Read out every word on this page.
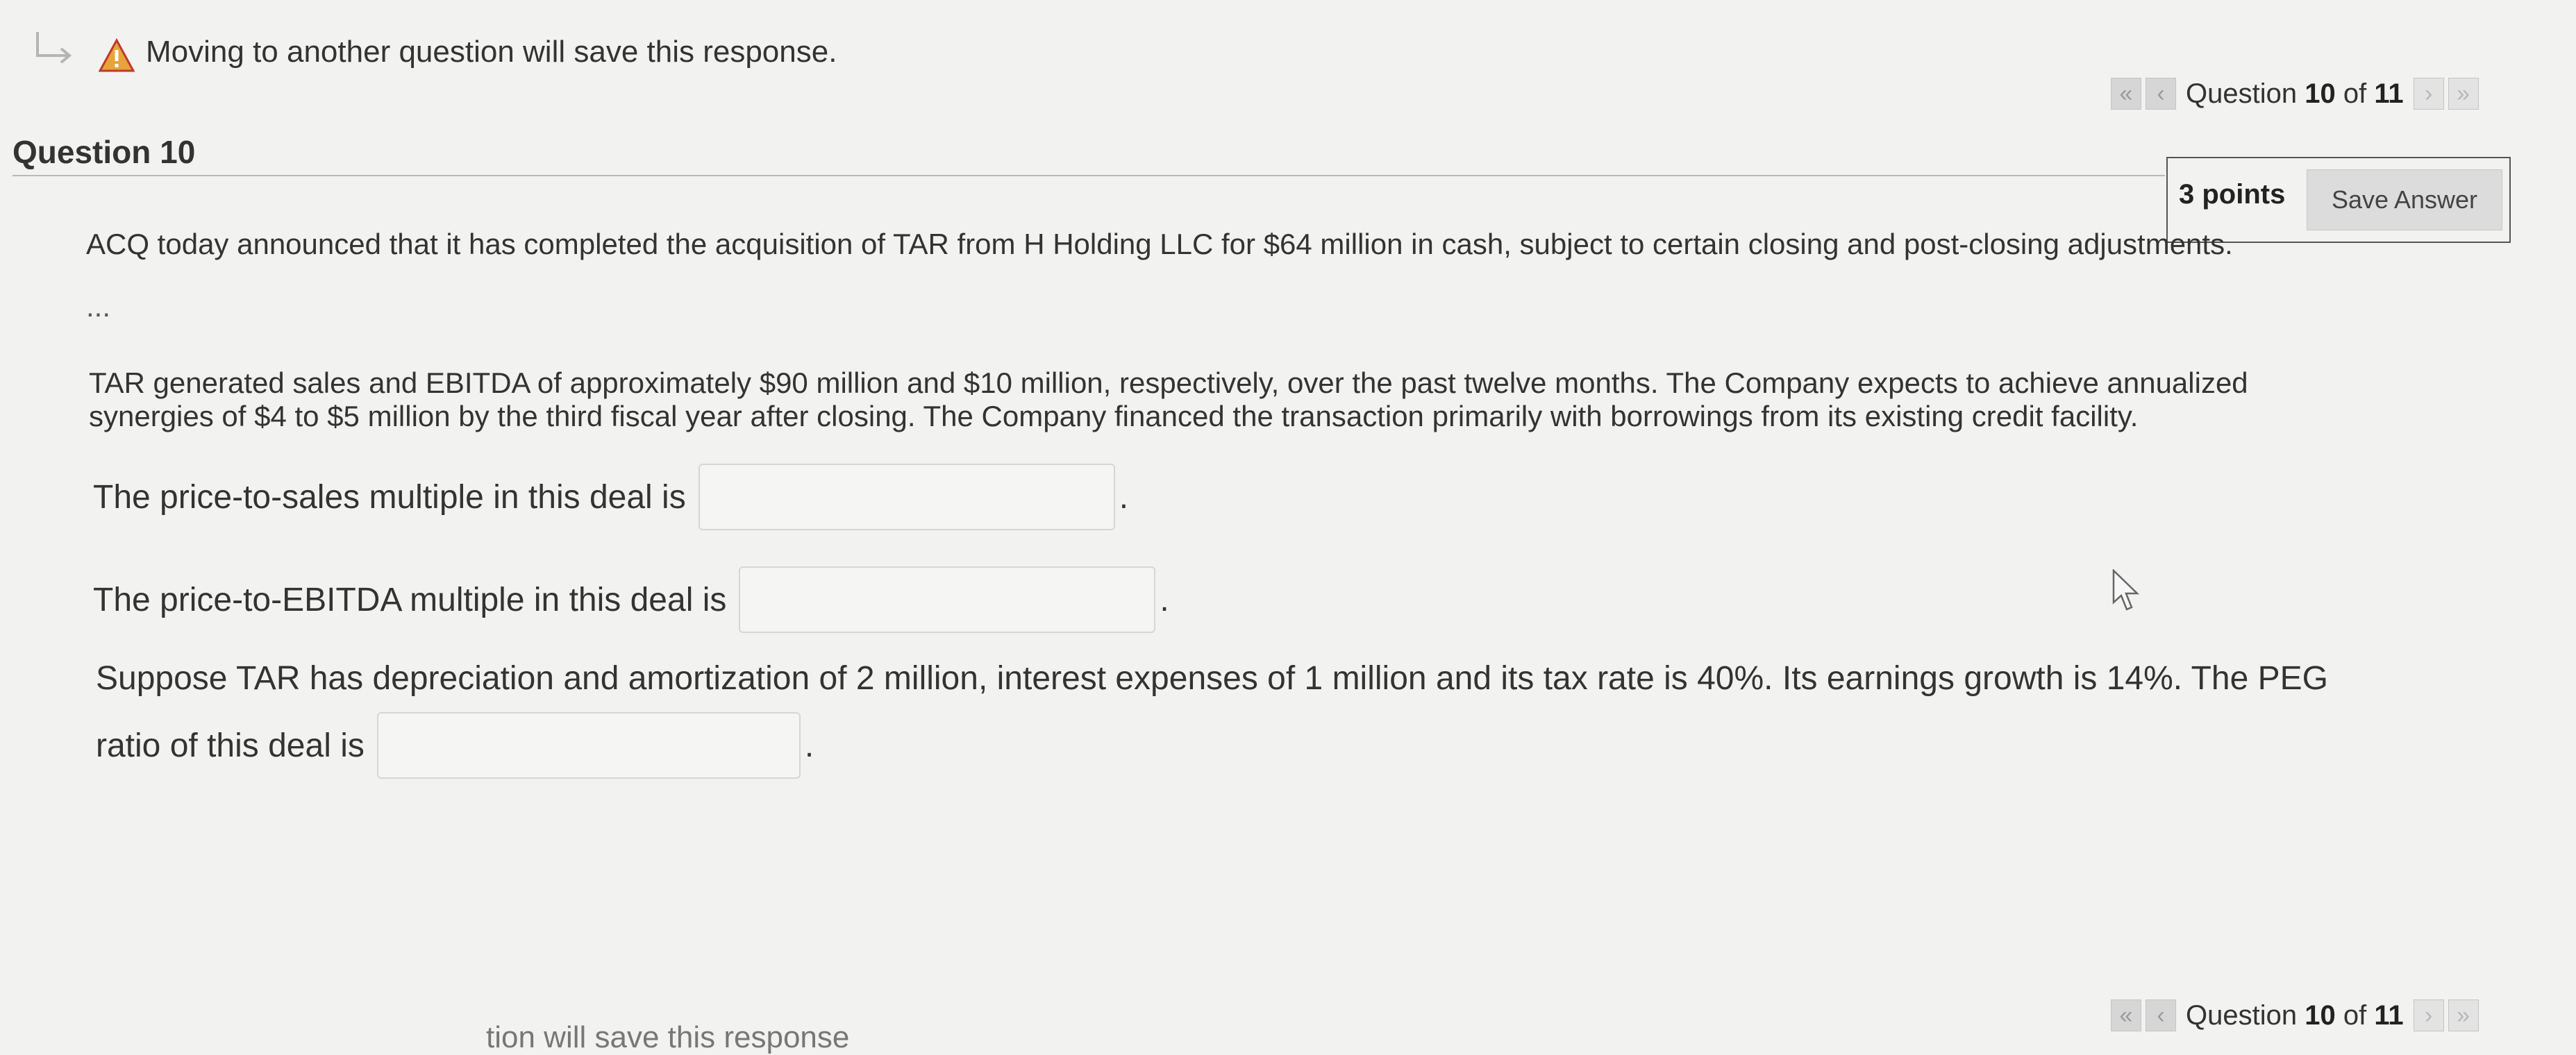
Moving to another question will save this response.
«	‹ Question 10 of 11 ›	»
Question 10
3 points	Save Answer
ACQ today announced that it has completed the acquisition of TAR from H Holding LLC for $64 million in cash, subject to certain closing and post-closing adjustments.
...
TAR generated sales and EBITDA of approximately $90 million and $10 million, respectively, over the past twelve months. The Company expects to achieve annualized
synergies of $4 to $5 million by the third fiscal year after closing. The Company financed the transaction primarily with borrowings from its existing credit facility.
The price-to-sales multiple in this deal is	.
The price-to-EBITDA multiple in this deal is	.
Suppose TAR has depreciation and amortization of 2 million, interest expenses of 1 million and its tax rate is 40%. Its earnings growth is 14%. The PEG
ratio of this deal is	.
«	‹ Question 10 of 11 ›	»
tion will save this response
